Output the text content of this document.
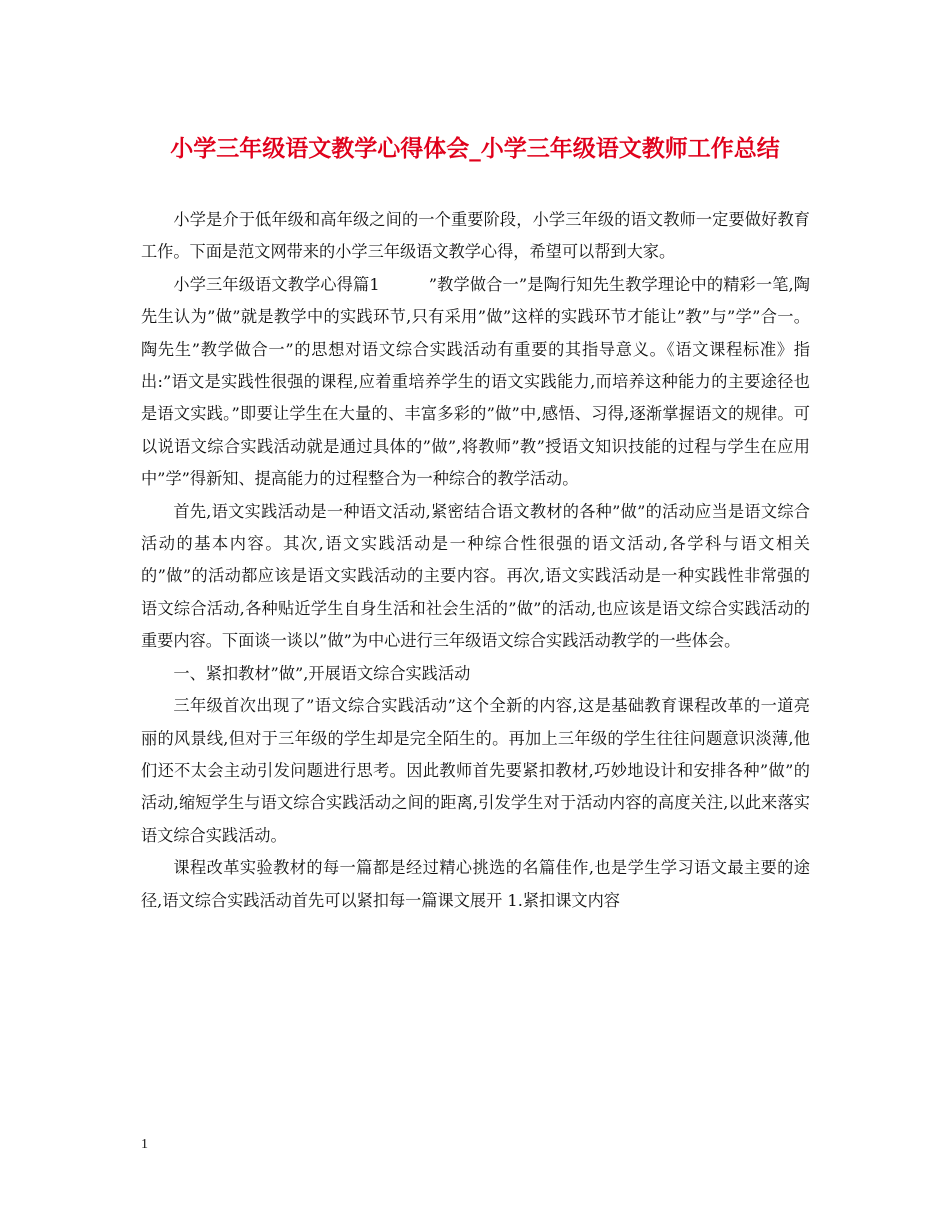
小学三年级语文教学心得体会_小学三年级语文教师工作总结

小学是介于低年级和高年级之间的一个重要阶段，小学三年级的语文教师一定要做好教育工作。下面是范文网带来的小学三年级语文教学心得，希望可以帮到大家。

小学三年级语文教学心得篇1　　　”教学做合一”是陶行知先生教学理论中的精彩一笔,陶先生认为”做”就是教学中的实践环节,只有采用”做”这样的实践环节才能让”教”与”学”合一。陶先生”教学做合一”的思想对语文综合实践活动有重要的其指导意义。《语文课程标准》指出:”语文是实践性很强的课程,应着重培养学生的语文实践能力,而培养这种能力的主要途径也是语文实践。”即要让学生在大量的、丰富多彩的”做”中,感悟、习得,逐渐掌握语文的规律。可以说语文综合实践活动就是通过具体的”做”,将教师”教”授语文知识技能的过程与学生在应用中”学”得新知、提高能力的过程整合为一种综合的教学活动。

首先,语文实践活动是一种语文活动,紧密结合语文教材的各种”做”的活动应当是语文综合活动的基本内容。其次,语文实践活动是一种综合性很强的语文活动,各学科与语文相关的”做”的活动都应该是语文实践活动的主要内容。再次,语文实践活动是一种实践性非常强的语文综合活动,各种贴近学生自身生活和社会生活的”做”的活动,也应该是语文综合实践活动的重要内容。下面谈一谈以”做”为中心进行三年级语文综合实践活动教学的一些体会。

一、紧扣教材”做”,开展语文综合实践活动

三年级首次出现了”语文综合实践活动”这个全新的内容,这是基础教育课程改革的一道亮丽的风景线,但对于三年级的学生却是完全陌生的。再加上三年级的学生往往问题意识淡薄,他们还不太会主动引发问题进行思考。因此教师首先要紧扣教材,巧妙地设计和安排各种”做”的活动,缩短学生与语文综合实践活动之间的距离,引发学生对于活动内容的高度关注,以此来落实语文综合实践活动。

课程改革实验教材的每一篇都是经过精心挑选的名篇佳作,也是学生学习语文最主要的途径,语文综合实践活动首先可以紧扣每一篇课文展开 1.紧扣课文内容

1
